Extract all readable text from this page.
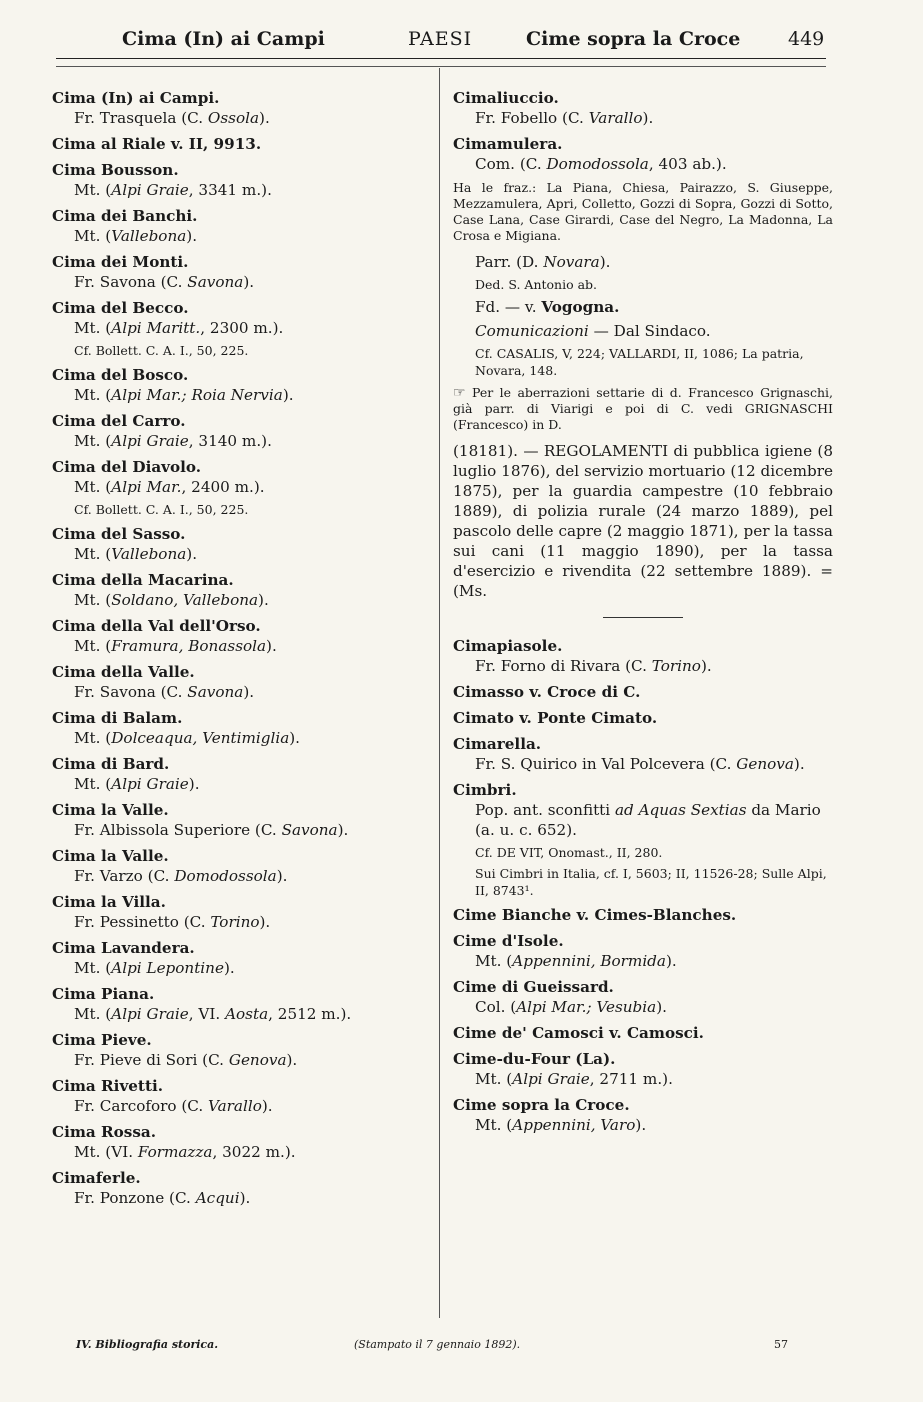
Cima (In) ai Campi	PAESI	Cime sopra la Croce	449
Cima (In) ai Campi.
Fr. Trasquela (C. Ossola).
Cima al Riale v. II, 9913.
Cima Bousson.
Mt. (Alpi Graie, 3341 m.).
Cima dei Banchi.
Mt. (Vallebona).
Cima dei Monti.
Fr. Savona (C. Savona).
Cima del Becco.
Mt. (Alpi Maritt., 2300 m.).
Cf. Bollett. C. A. I., 50, 225.
Cima del Bosco.
Mt. (Alpi Mar.; Roia Nervia).
Cima del Carro.
Mt. (Alpi Graie, 3140 m.).
Cima del Diavolo.
Mt. (Alpi Mar., 2400 m.).
Cf. Bollett. C. A. I., 50, 225.
Cima del Sasso.
Mt. (Vallebona).
Cima della Macarina.
Mt. (Soldano, Vallebona).
Cima della Val dell'Orso.
Mt. (Framura, Bonassola).
Cima della Valle.
Fr. Savona (C. Savona).
Cima di Balam.
Mt. (Dolceaqua, Ventimiglia).
Cima di Bard.
Mt. (Alpi Graie).
Cima la Valle.
Fr. Albissola Superiore (C. Savona).
Cima la Valle.
Fr. Varzo (C. Domodossola).
Cima la Villa.
Fr. Pessinetto (C. Torino).
Cima Lavandera.
Mt. (Alpi Lepontine).
Cima Piana.
Mt. (Alpi Graie, VI. Aosta, 2512 m.).
Cima Pieve.
Fr. Pieve di Sori (C. Genova).
Cima Rivetti.
Fr. Carcoforo (C. Varallo).
Cima Rossa.
Mt. (VI. Formazza, 3022 m.).
Cimaferle.
Fr. Ponzone (C. Acqui).
Cimaliuccio.
Fr. Fobello (C. Varallo).
Cimamulera.
Com. (C. Domodossola, 403 ab.).
Ha le fraz.: La Piana, Chiesa, Pairazzo, S. Giuseppe, Mezzamulera, Apri, Colletto, Gozzi di Sopra, Gozzi di Sotto, Case Lana, Case Girardi, Case del Negro, La Madonna, La Crosa e Migiana.
Parr. (D. Novara).
Ded. S. Antonio ab.
Fd. — v. Vogogna.
Comunicazioni — Dal Sindaco.
Cf. CASALIS, V, 224; VALLARDI, II, 1086; La patria, Novara, 148.
☞ Per le aberrazioni settarie di d. Francesco Grignaschi, già parr. di Viarigi e poi di C. vedi GRIGNASCHI (Francesco) in D.
(18181). — REGOLAMENTI di pubblica igiene (8 luglio 1876), del servizio mortuario (12 dicembre 1875), per la guardia campestre (10 febbraio 1889), di polizia rurale (24 marzo 1889), pel pascolo delle capre (2 maggio 1871), per la tassa sui cani (11 maggio 1890), per la tassa d'esercizio e rivendita (22 settembre 1889). = (Ms.
Cimapiasole.
Fr. Forno di Rivara (C. Torino).
Cimasso v. Croce di C.
Cimato v. Ponte Cimato.
Cimarella.
Fr. S. Quirico in Val Polcevera (C. Genova).
Cimbri.
Pop. ant. sconfitti ad Aquas Sextias da Mario (a. u. c. 652).
Cf. DE VIT, Onomast., II, 280.
Sui Cimbri in Italia, cf. I, 5603; II, 11526-28; Sulle Alpi, II, 8743¹.
Cime Bianche v. Cimes-Blanches.
Cime d'Isole.
Mt. (Appennini, Bormida).
Cime di Gueissard.
Col. (Alpi Mar.; Vesubia).
Cime de' Camosci v. Camosci.
Cime-du-Four (La).
Mt. (Alpi Graie, 2711 m.).
Cime sopra la Croce.
Mt. (Appennini, Varo).
IV. Bibliografia storica.	(Stampato il 7 gennaio 1892).	57
